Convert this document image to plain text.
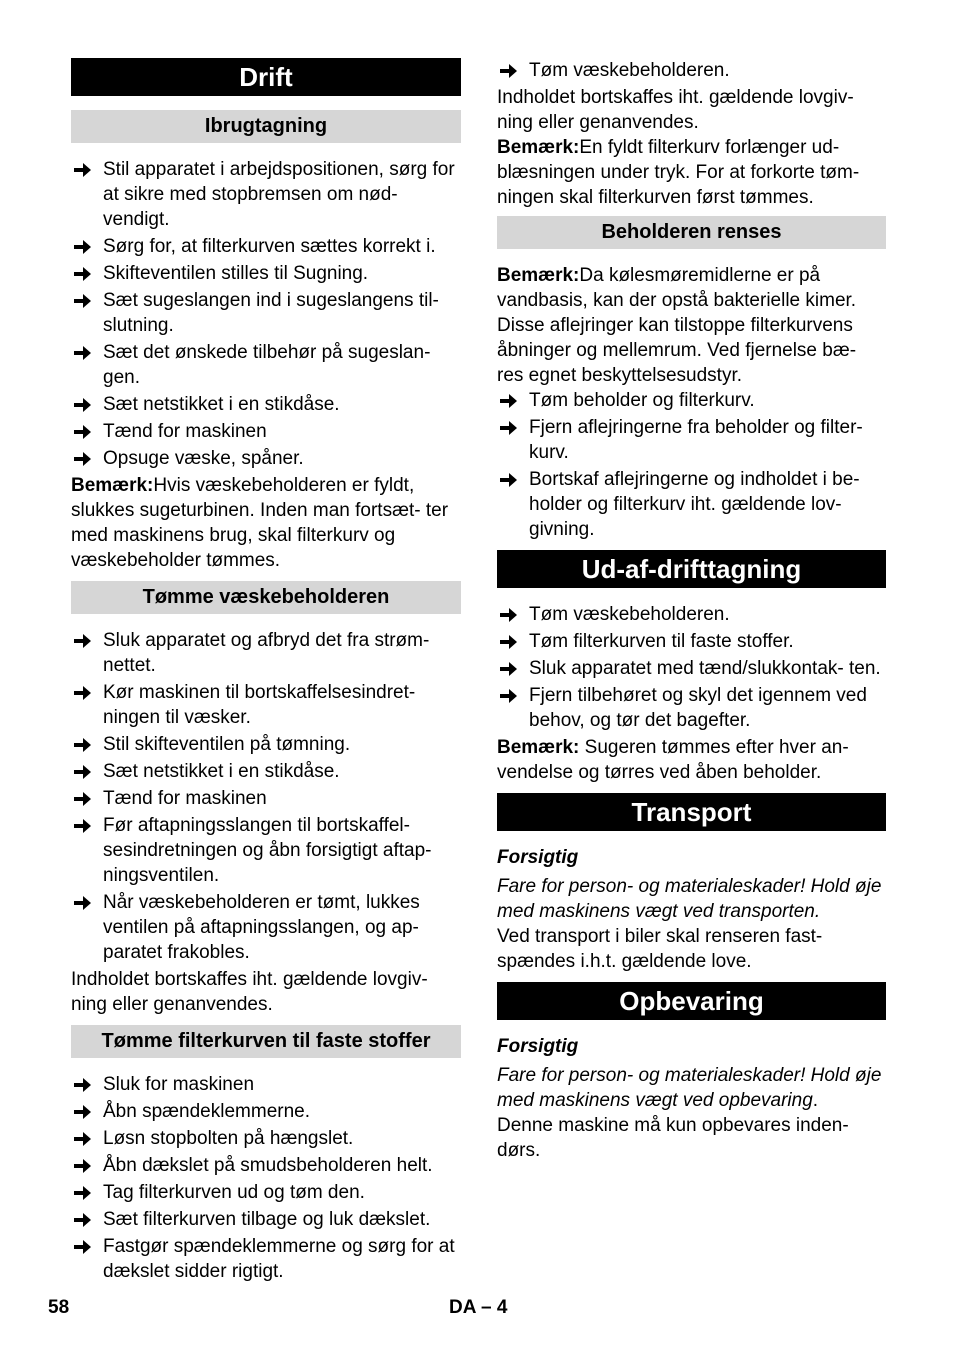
Drift
Ibrugtagning
Stil apparatet i arbejdspositionen, sørg for at sikre med stopbremsen om nød- vendigt.
Sørg for, at filterkurven sættes korrekt i.
Skifteventilen stilles til Sugning.
Sæt sugeslangen ind i sugeslangens til- slutning.
Sæt det ønskede tilbehør på sugeslan- gen.
Sæt netstikket i en stikdåse.
Tænd for maskinen
Opsuge væske, spåner.
Bemærk:Hvis væskebeholderen er fyldt, slukkes sugeturbinen. Inden man fortsæt- ter med maskinens brug, skal filterkurv og væskebeholder tømmes.
Tømme væskebeholderen
Sluk apparatet og afbryd det fra strøm- nettet.
Kør maskinen til bortskaffelsesindret- ningen til væsker.
Stil skifteventilen på tømning.
Sæt netstikket i en stikdåse.
Tænd for maskinen
Før aftapningsslangen til bortskaffel- sesindretningen og åbn forsigtigt aftap- ningsventilen.
Når væskebeholderen er tømt, lukkes ventilen på aftapningsslangen, og ap- paratet frakobles.
Indholdet bortskaffes iht. gældende lovgiv- ning eller genanvendes.
Tømme filterkurven til faste stoffer
Sluk for maskinen
Åbn spændeklemmerne.
Løsn stopbolten på hængslet.
Åbn dækslet på smudsbeholderen helt.
Tag filterkurven ud og tøm den.
Sæt filterkurven tilbage og luk dækslet.
Fastgør spændeklemmerne og sørg for at dækslet sidder rigtigt.
Tøm væskebeholderen.
Indholdet bortskaffes iht. gældende lovgiv- ning eller genanvendes.
Bemærk:En fyldt filterkurv forlænger ud- blæsningen under tryk. For at forkorte tøm- ningen skal filterkurven først tømmes.
Beholderen renses
Bemærk:Da kølesmøremidlerne er på vandbasis, kan der opstå bakterielle kimer. Disse aflejringer kan tilstoppe filterkurvens åbninger og mellemrum. Ved fjernelse bæ- res egnet beskyttelsesudstyr.
Tøm beholder og filterkurv.
Fjern aflejringerne fra beholder og filter- kurv.
Bortskaf aflejringerne og indholdet i be- holder og filterkurv iht. gældende lov- givning.
Ud-af-drifttagning
Tøm væskebeholderen.
Tøm filterkurven til faste stoffer.
Sluk apparatet med tænd/slukkontak- ten.
Fjern tilbehøret og skyl det igennem ved behov, og tør det bagefter.
Bemærk: Sugeren tømmes efter hver an- vendelse og tørres ved åben beholder.
Transport
Forsigtig
Fare for person- og materialeskader! Hold øje med maskinens vægt ved transporten.
Ved transport i biler skal renseren fast- spændes i.h.t. gældende love.
Opbevaring
Forsigtig
Fare for person- og materialeskader! Hold øje med maskinens vægt ved opbevaring.
Denne maskine må kun opbevares inden- dørs.
58	DA – 4
